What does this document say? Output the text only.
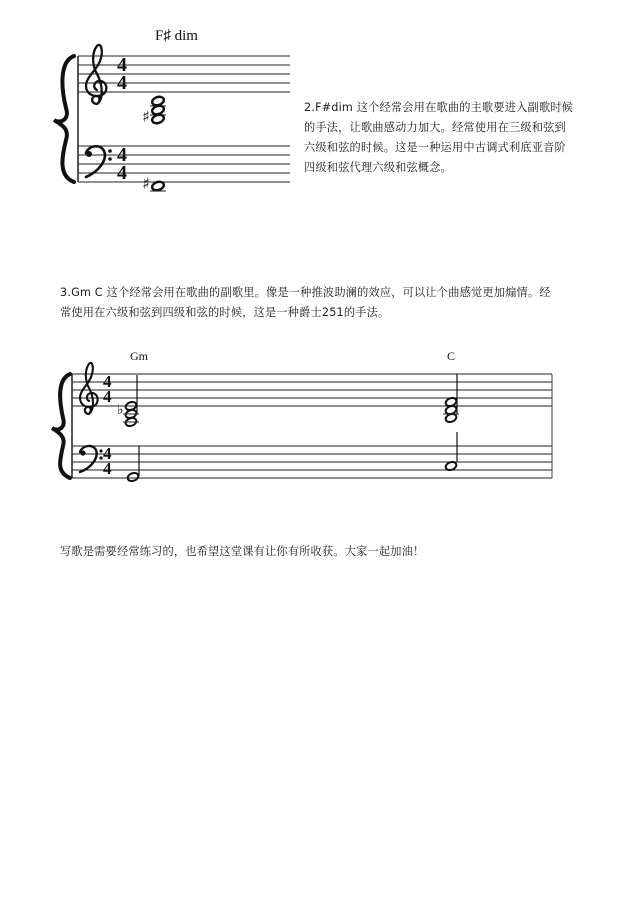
F♯ dim
4
4
4
4
♯
♯
2.F#dim 这个经常会用在歌曲的主歌要进入副歌时候
的手法，让歌曲感动力加大。经常使用在三级和弦到
六级和弦的时候。这是一种运用中古调式利底亚音阶
四级和弦代理六级和弦概念。
3.Gm C 这个经常会用在歌曲的副歌里。像是一种推波助澜的效应，可以让个曲感觉更加煽情。经
常使用在六级和弦到四级和弦的时候，这是一种爵士251的手法。
Gm	C
4
4
4
4
♭
写歌是需要经常练习的，也希望这堂课有让你有所收获。大家一起加油！
